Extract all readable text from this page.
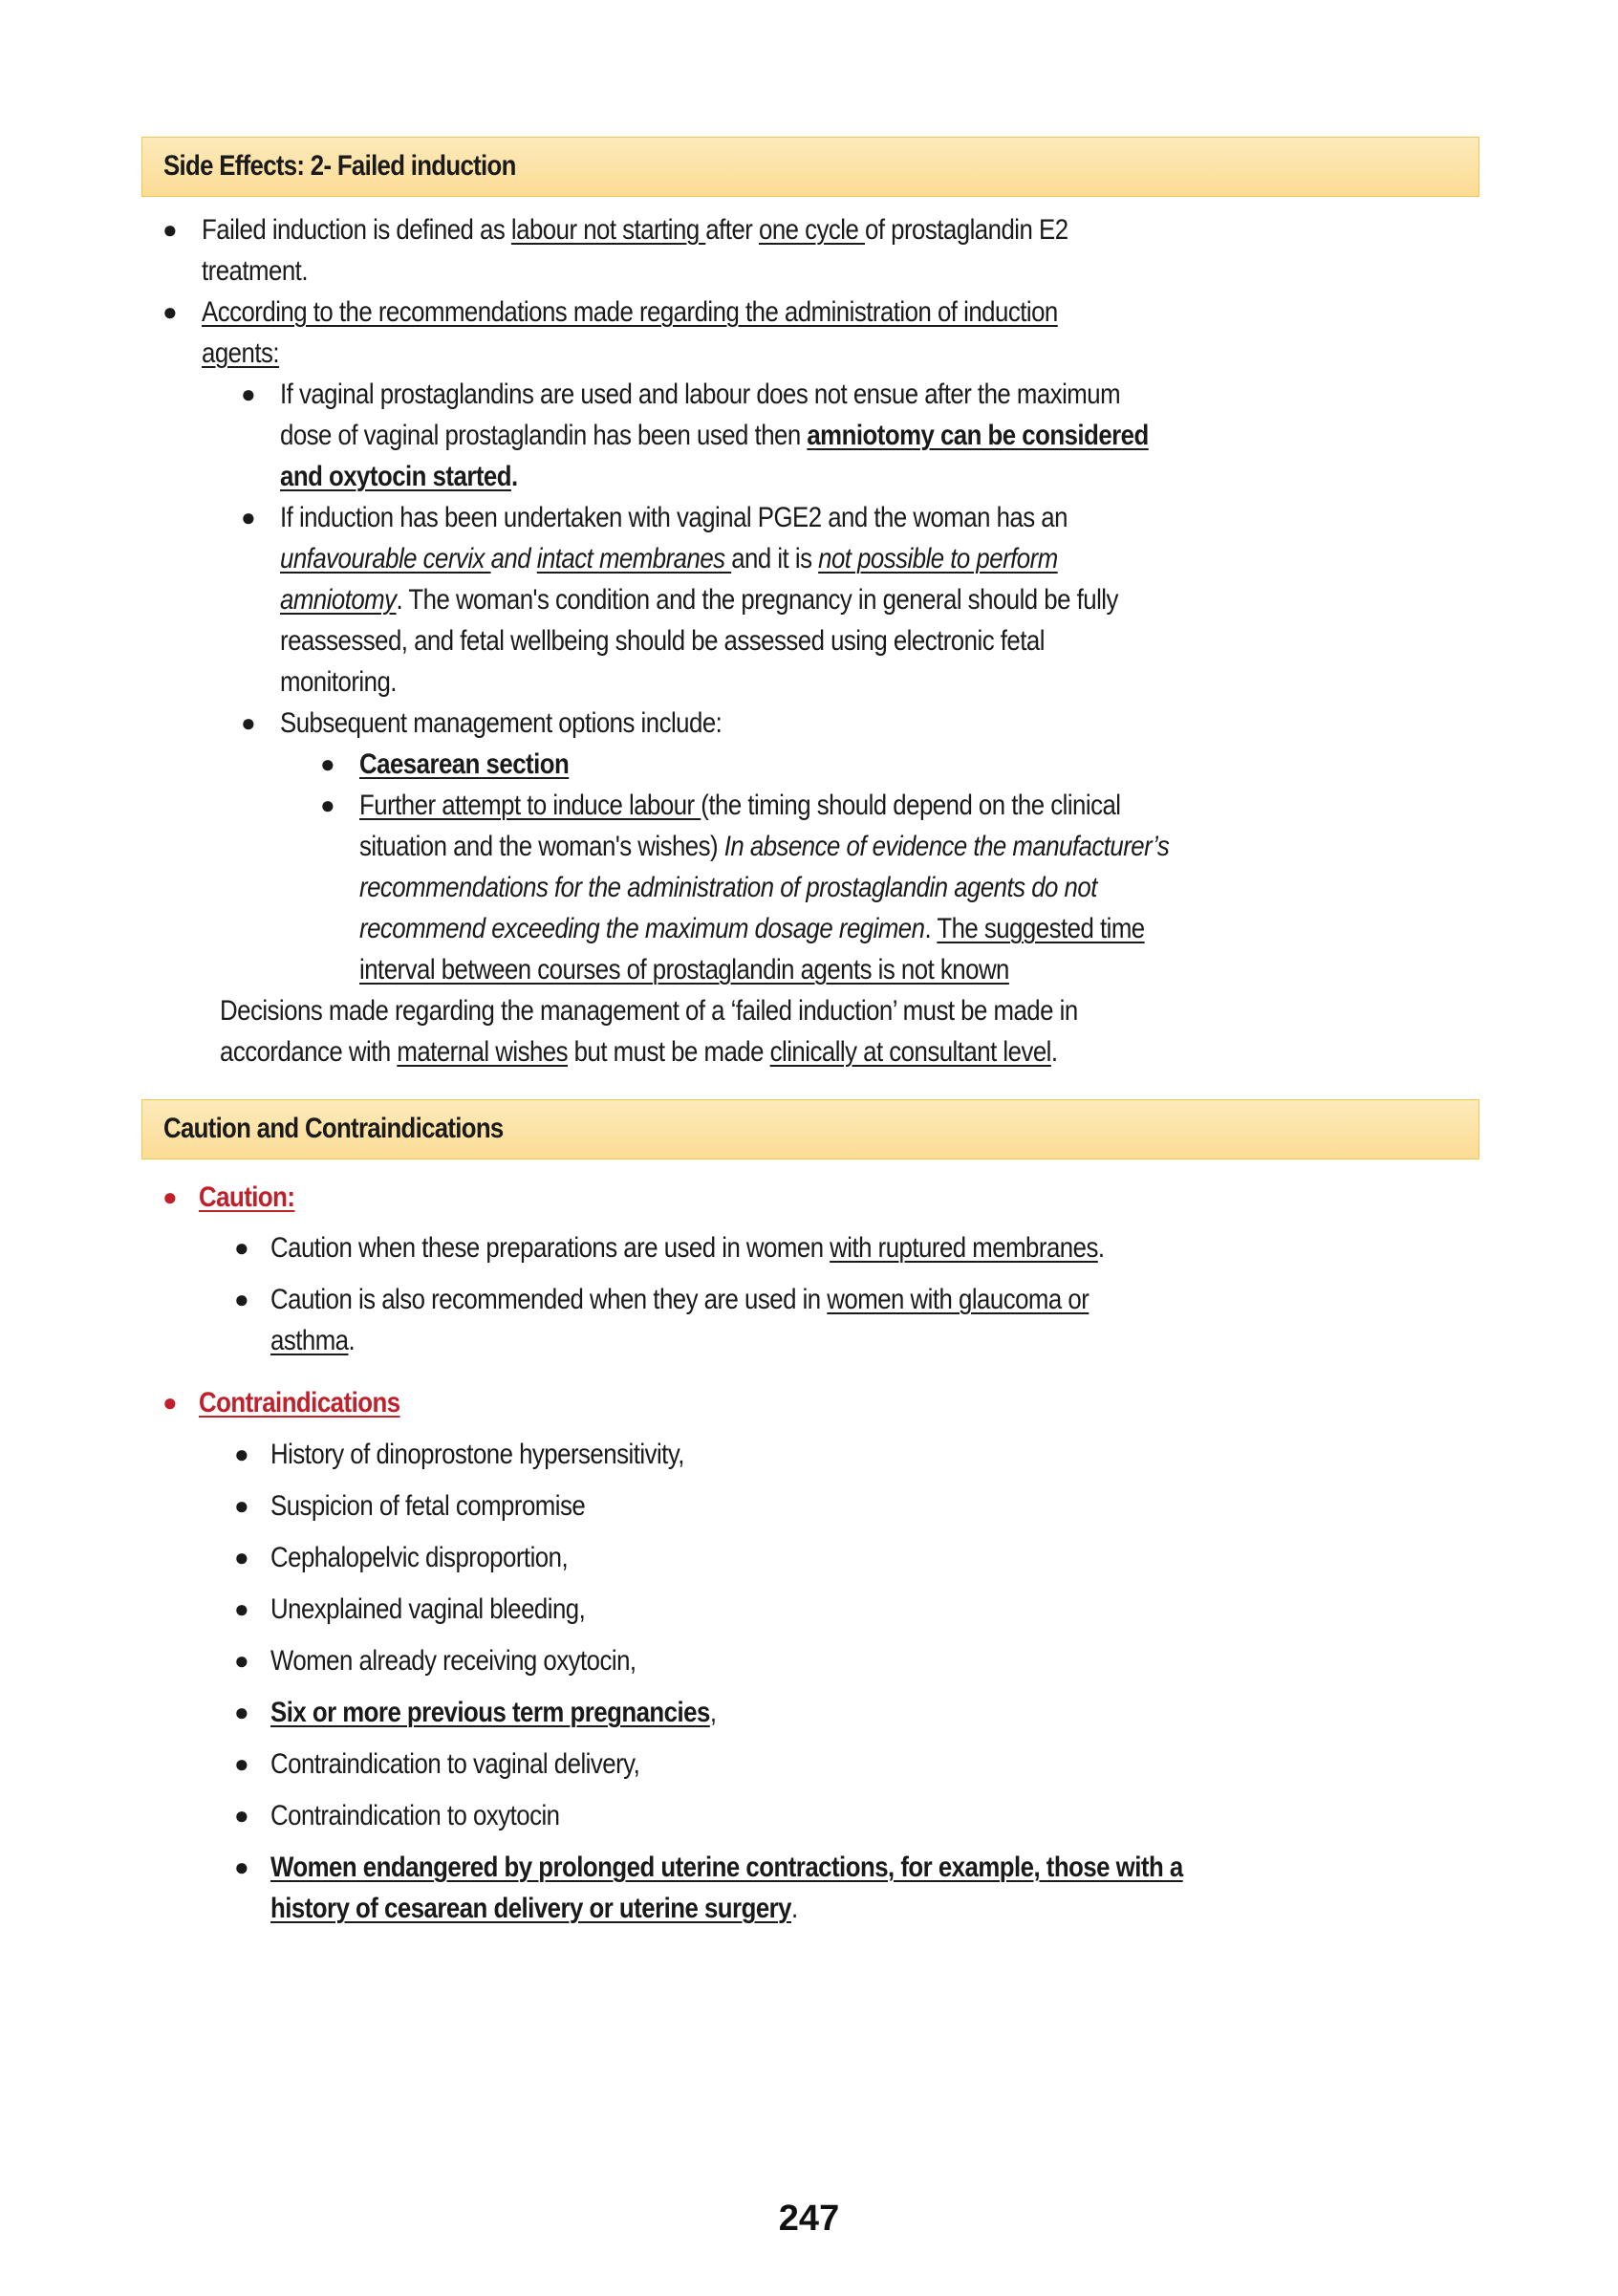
Side Effects: 2- Failed induction
● Failed induction is defined as labour not starting after one cycle of prostaglandin E2
treatment.
● According to the recommendations made regarding the administration of induction
agents:
● If vaginal prostaglandins are used and labour does not ensue after the maximum
dose of vaginal prostaglandin has been used then amniotomy can be considered
and oxytocin started.
● If induction has been undertaken with vaginal PGE2 and the woman has an
unfavourable cervix and intact membranes and it is not possible to perform
amniotomy. The woman's condition and the pregnancy in general should be fully
reassessed, and fetal wellbeing should be assessed using electronic fetal
monitoring.
● Subsequent management options include:
● Caesarean section
● Further attempt to induce labour (the timing should depend on the clinical
situation and the woman's wishes) In absence of evidence the manufacturer’s
recommendations for the administration of prostaglandin agents do not
recommend exceeding the maximum dosage regimen. The suggested time
interval between courses of prostaglandin agents is not known
Decisions made regarding the management of a ‘failed induction’ must be made in
accordance with maternal wishes but must be made clinically at consultant level.
Caution and Contraindications
● Caution:
● Caution when these preparations are used in women with ruptured membranes.
● Caution is also recommended when they are used in women with glaucoma or
asthma.
● Contraindications
● History of dinoprostone hypersensitivity,
● Suspicion of fetal compromise
● Cephalopelvic disproportion,
● Unexplained vaginal bleeding,
● Women already receiving oxytocin,
● Six or more previous term pregnancies,
● Contraindication to vaginal delivery,
● Contraindication to oxytocin
● Women endangered by prolonged uterine contractions, for example, those with a
history of cesarean delivery or uterine surgery.
247
